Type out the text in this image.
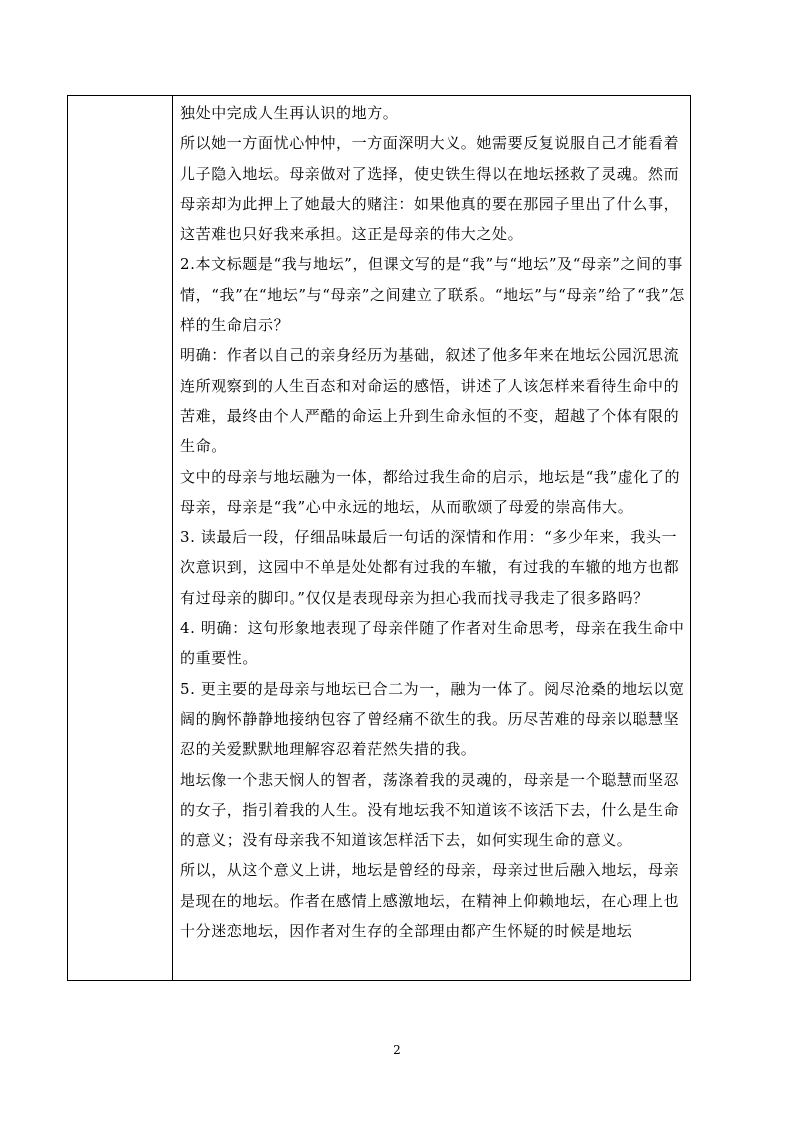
独处中完成人生再认识的地方。

所以她一方面忧心忡忡，一方面深明大义。她需要反复说服自己才能看着儿子隐入地坛。母亲做对了选择，使史铁生得以在地坛拯救了灵魂。然而母亲却为此押上了她最大的赌注：如果他真的要在那园子里出了什么事，这苦难也只好我来承担。这正是母亲的伟大之处。

2.本文标题是“我与地坛”，但课文写的是“我”与“地坛”及“母亲”之间的事情，“我”在“地坛”与“母亲”之间建立了联系。“地坛”与“母亲”给了“我”怎样的生命启示？

明确：作者以自己的亲身经历为基础，叙述了他多年来在地坛公园沉思流连所观察到的人生百态和对命运的感悟，讲述了人该怎样来看待生命中的苦难，最终由个人严酷的命运上升到生命永恒的不变，超越了个体有限的生命。

文中的母亲与地坛融为一体，都给过我生命的启示，地坛是“我”虚化了的母亲，母亲是“我”心中永远的地坛，从而歌颂了母爱的崇高伟大。

3. 读最后一段，仔细品味最后一句话的深情和作用：“多少年来，我头一次意识到，这园中不单是处处都有过我的车辙，有过我的车辙的地方也都有过母亲的脚印。”仅仅是表现母亲为担心我而找寻我走了很多路吗？

4. 明确：这句形象地表现了母亲伴随了作者对生命思考，母亲在我生命中的重要性。

5. 更主要的是母亲与地坛已合二为一，融为一体了。阅尽沧桑的地坛以宽阔的胸怀静静地接纳包容了曾经痛不欲生的我。历尽苦难的母亲以聪慧坚忍的关爱默默地理解容忍着茫然失措的我。

地坛像一个悲天悯人的智者，荡涤着我的灵魂的，母亲是一个聪慧而坚忍的女子，指引着我的人生。没有地坛我不知道该不该活下去，什么是生命的意义；没有母亲我不知道该怎样活下去，如何实现生命的意义。

所以，从这个意义上讲，地坛是曾经的母亲，母亲过世后融入地坛，母亲是现在的地坛。作者在感情上感激地坛，在精神上仰赖地坛，在心理上也十分迷恋地坛，因作者对生存的全部理由都产生怀疑的时候是地坛

2
